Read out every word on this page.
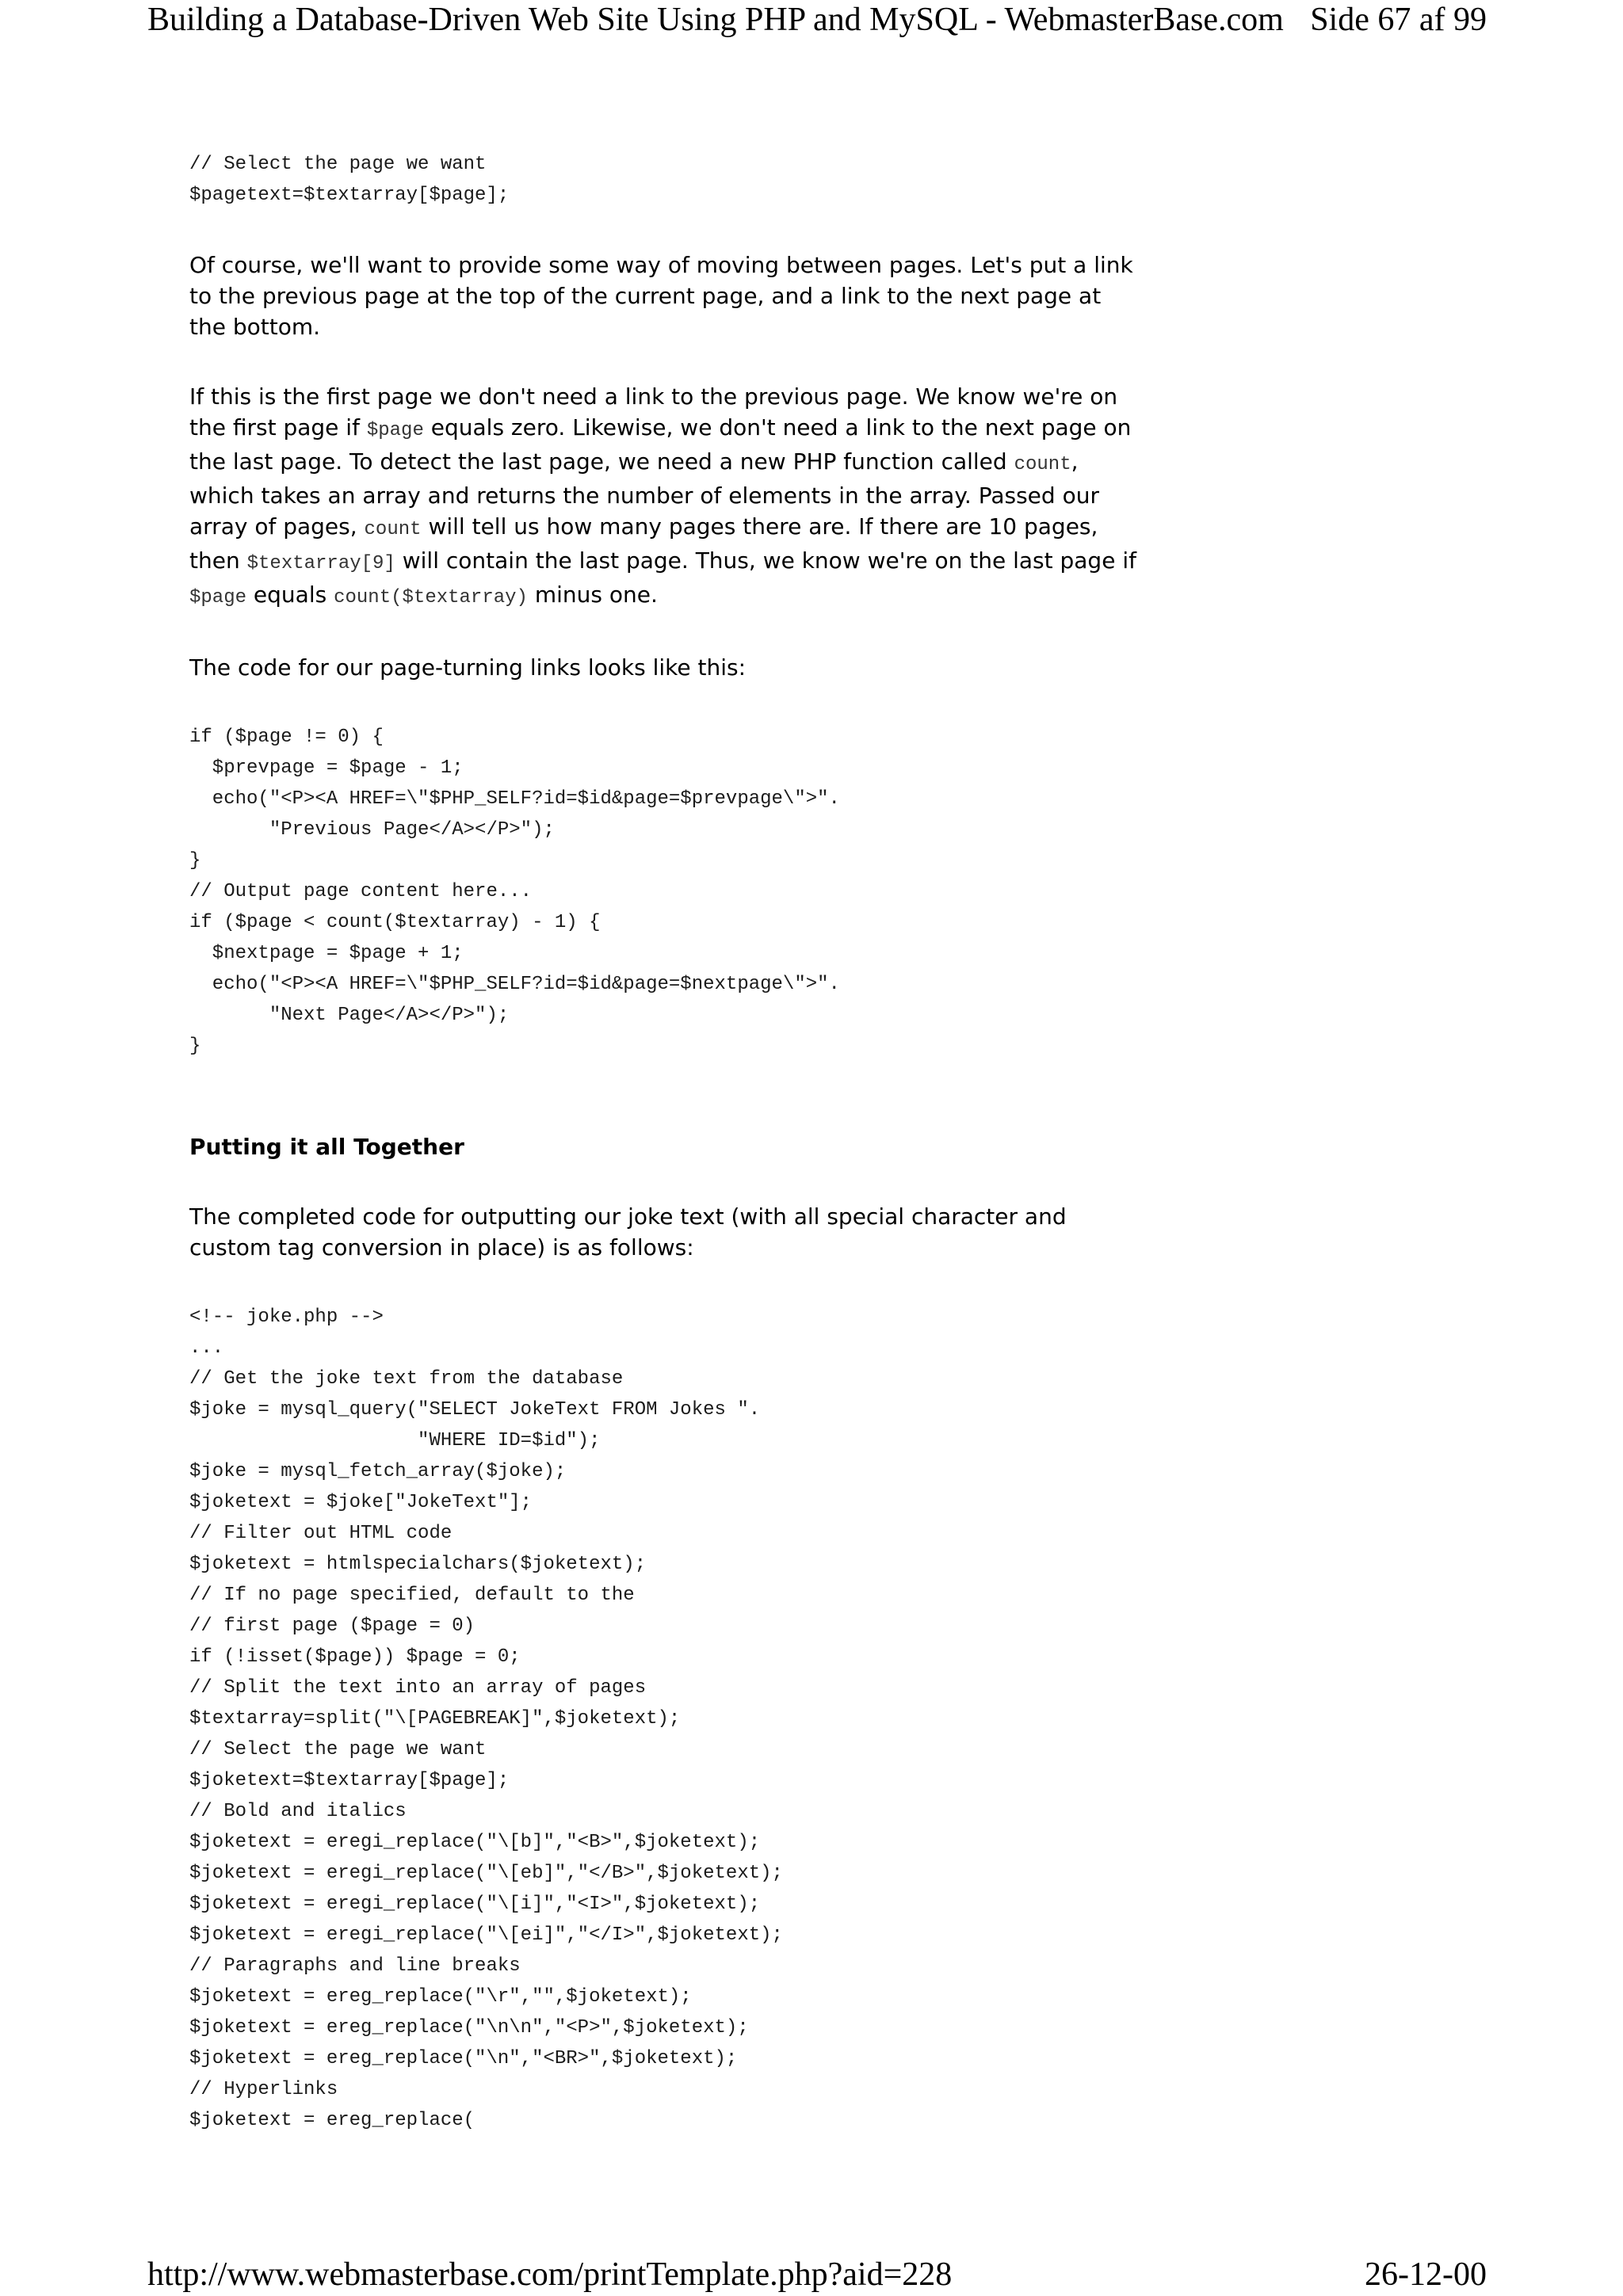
Building a Database-Driven Web Site Using PHP and MySQL - WebmasterBase.com Side 67 af 99
// Select the page we want
$pagetext=$textarray[$page];

Of course, we'll want to provide some way of moving between pages. Let's put a link to the previous page at the top of the current page, and a link to the next page at the bottom.

If this is the first page we don't need a link to the previous page. We know we're on the first page if $page equals zero. Likewise, we don't need a link to the next page on the last page. To detect the last page, we need a new PHP function called count, which takes an array and returns the number of elements in the array. Passed our array of pages, count will tell us how many pages there are. If there are 10 pages, then $textarray[9] will contain the last page. Thus, we know we're on the last page if $page equals count($textarray) minus one.

The code for our page-turning links looks like this:

if ($page != 0) {
$prevpage = $page - 1;
echo("<P><A HREF=\"$PHP_SELF?id=$id&page=$prevpage\">".
"Previous Page</A></P>");
}
// Output page content here...
if ($page < count($textarray) - 1) {
$nextpage = $page + 1;
echo("<P><A HREF=\"$PHP_SELF?id=$id&page=$nextpage\">".
"Next Page</A></P>");
}

Putting it all Together

The completed code for outputting our joke text (with all special character and custom tag conversion in place) is as follows:

<!-- joke.php -->
...
// Get the joke text from the database
$joke = mysql_query("SELECT JokeText FROM Jokes ".
"WHERE ID=$id");
$joke = mysql_fetch_array($joke);
$joketext = $joke["JokeText"];
// Filter out HTML code
$joketext = htmlspecialchars($joketext);
// If no page specified, default to the
// first page ($page = 0)
if (!isset($page)) $page = 0;
// Split the text into an array of pages
$textarray=split("\[PAGEBREAK]",$joketext);
// Select the page we want
$joketext=$textarray[$page];
// Bold and italics
$joketext = eregi_replace("\[b]","<B>",$joketext);
$joketext = eregi_replace("\[eb]","</B>",$joketext);
$joketext = eregi_replace("\[i]","<I>",$joketext);
$joketext = eregi_replace("\[ei]","</I>",$joketext);
// Paragraphs and line breaks
$joketext = ereg_replace("\r","",$joketext);
$joketext = ereg_replace("\n\n","<P>",$joketext);
$joketext = ereg_replace("\n","<BR>",$joketext);
// Hyperlinks
$joketext = ereg_replace(
http://www.webmasterbase.com/printTemplate.php?aid=228	26-12-00
